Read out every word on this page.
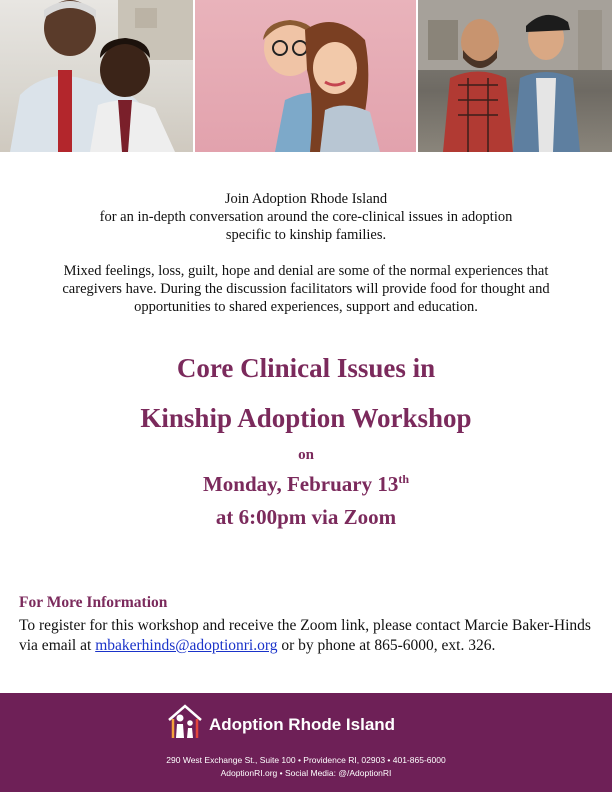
Join Adoption Rhode Island
for an in-depth conversation around the core-clinical issues in adoption
specific to kinship families.
Mixed feelings, loss, guilt, hope and denial are some of the normal experiences that
caregivers have. During the discussion facilitators will provide food for thought and
opportunities to shared experiences, support and education.
Core Clinical Issues in
Kinship Adoption Workshop
on
Monday, February 13th
at 6:00pm via Zoom
For More Information
To register for this workshop and receive the Zoom link, please contact Marcie Baker-Hinds via email at mbakerhinds@adoptionri.org or by phone at 865-6000, ext. 326.
Adoption Rhode Island
290 West Exchange St., Suite 100 • Providence RI, 02903 • 401-865-6000
AdoptionRI.org • Social Media: @/AdoptionRI
